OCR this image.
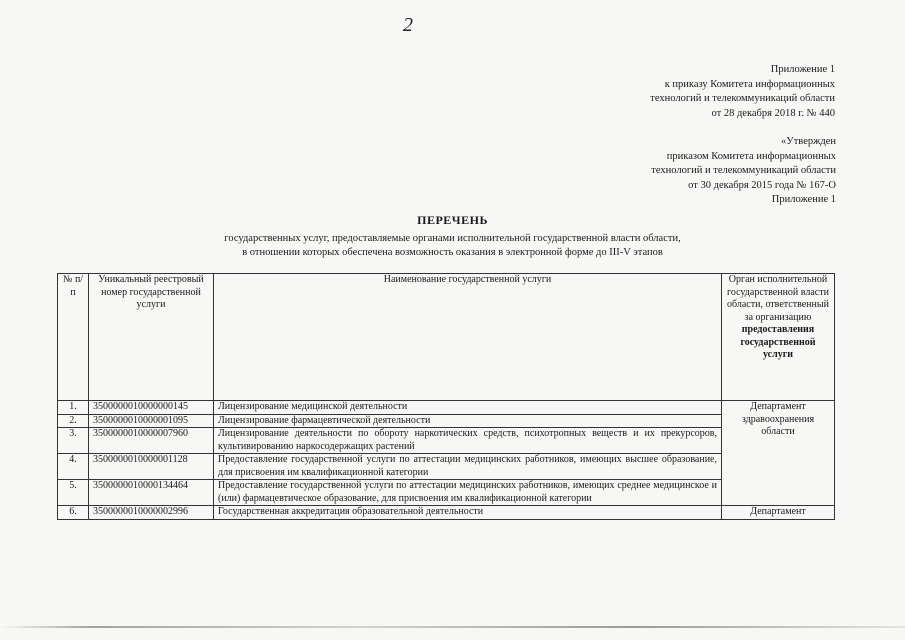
2
Приложение 1
к приказу Комитета информационных
технологий и телекоммуникаций области
от 28 декабря 2018 г. № 440
«Утвержден
приказом Комитета информационных
технологий и телекоммуникаций области
от 30 декабря 2015 года № 167-О
Приложение 1
ПЕРЕЧЕНЬ
государственных услуг, предоставляемые органами исполнительной государственной власти области,
в отношении которых обеспечена возможность оказания в электронной форме до III-V этапов
№ п/п	Уникальный реестровый номер государственной услуги	Наименование государственной услуги	Орган исполнительной государственной власти области, ответственный за организацию предоставления государственной услуги
1.	3500000010000000145	Лицензирование медицинской деятельности	Департамент здравоохранения области
2.	3500000010000001095	Лицензирование фармацевтической деятельности	
3.	3500000010000007960	Лицензирование деятельности по обороту наркотических средств, психотропных веществ и их прекурсоров, культивированию наркосодержащих растений	
4.	3500000010000001128	Предоставление государственной услуги по аттестации медицинских работников, имеющих высшее образование, для присвоения им квалификационной категории	
5.	3500000010000134464	Предоставление государственной услуги по аттестации медицинских работников, имеющих среднее медицинское и (или) фармацевтическое образование, для присвоения им квалификационной категории	
6.	3500000010000002996	Государственная аккредитация образовательной деятельности	Департамент
